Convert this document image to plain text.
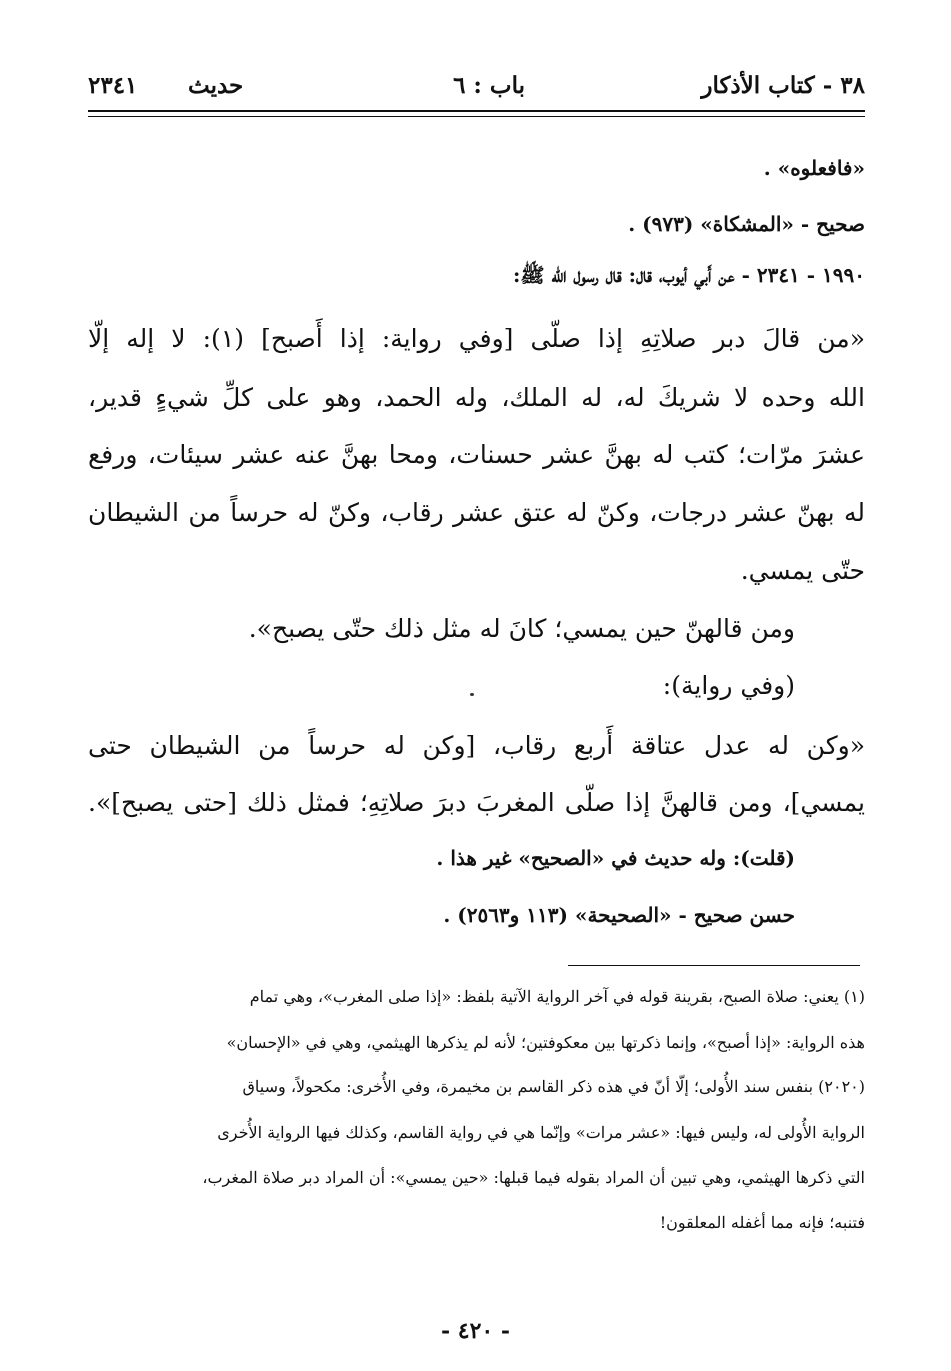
٣٨ - كتاب الأذكار
باب : ٦
حديث
٢٣٤١
«فافعلوه» .
صحيح - «المشكاة» (٩٧٣) .
١٩٩٠ - ٢٣٤١ - عن أَبي أيوب، قال: قال رسول الله ﷺ:
«من قالَ دبر صلاتِهِ إذا صلّى [وفي رواية: إذا أَصبح] (١): لا إله إلّا
الله وحده لا شريكَ له، له الملك، وله الحمد، وهو على كلِّ شيءٍ قدير،
عشرَ مرّات؛ كتب له بهنَّ عشر حسنات، ومحا بهنَّ عنه عشر سيئات، ورفع
له بهنّ عشر درجات، وكنّ له عتق عشر رقاب، وكنّ له حرساً من الشيطان
حتّى يمسي.
ومن قالهنّ حين يمسي؛ كانَ له مثل ذلك حتّى يصبح».
(وفي رواية):
«وكن له عدل عتاقة أَربع رقاب، [وكن له حرساً من الشيطان حتى
يمسي]، ومن قالهنَّ إذا صلّى المغربَ دبرَ صلاتِهِ؛ فمثل ذلك [حتى يصبح]».
(قلت): وله حديث في «الصحيح» غير هذا .
حسن صحيح - «الصحيحة» (١١٣ و٢٥٦٣) .
(١) يعني: صلاة الصبح، بقرينة قوله في آخر الرواية الآتية بلفظ: «إذا صلى المغرب»، وهي تمام
هذه الرواية: «إذا أصبح»، وإنما ذكرتها بين معكوفتين؛ لأنه لم يذكرها الهيثمي، وهي في «الإحسان»
(٢٠٢٠) بنفس سند الأُولى؛ إلّا أنّ في هذه ذكر القاسم بن مخيمرة، وفي الأُخرى: مكحولاً، وسياق
الرواية الأُولى له، وليس فيها: «عشر مرات» وإنّما هي في رواية القاسم، وكذلك فيها الرواية الأُخرى
التي ذكرها الهيثمي، وهي تبين أن المراد بقوله فيما قبلها: «حين يمسي»: أن المراد دبر صلاة المغرب،
فتنبه؛ فإنه مما أغفله المعلقون!
- ٤٢٠ -
